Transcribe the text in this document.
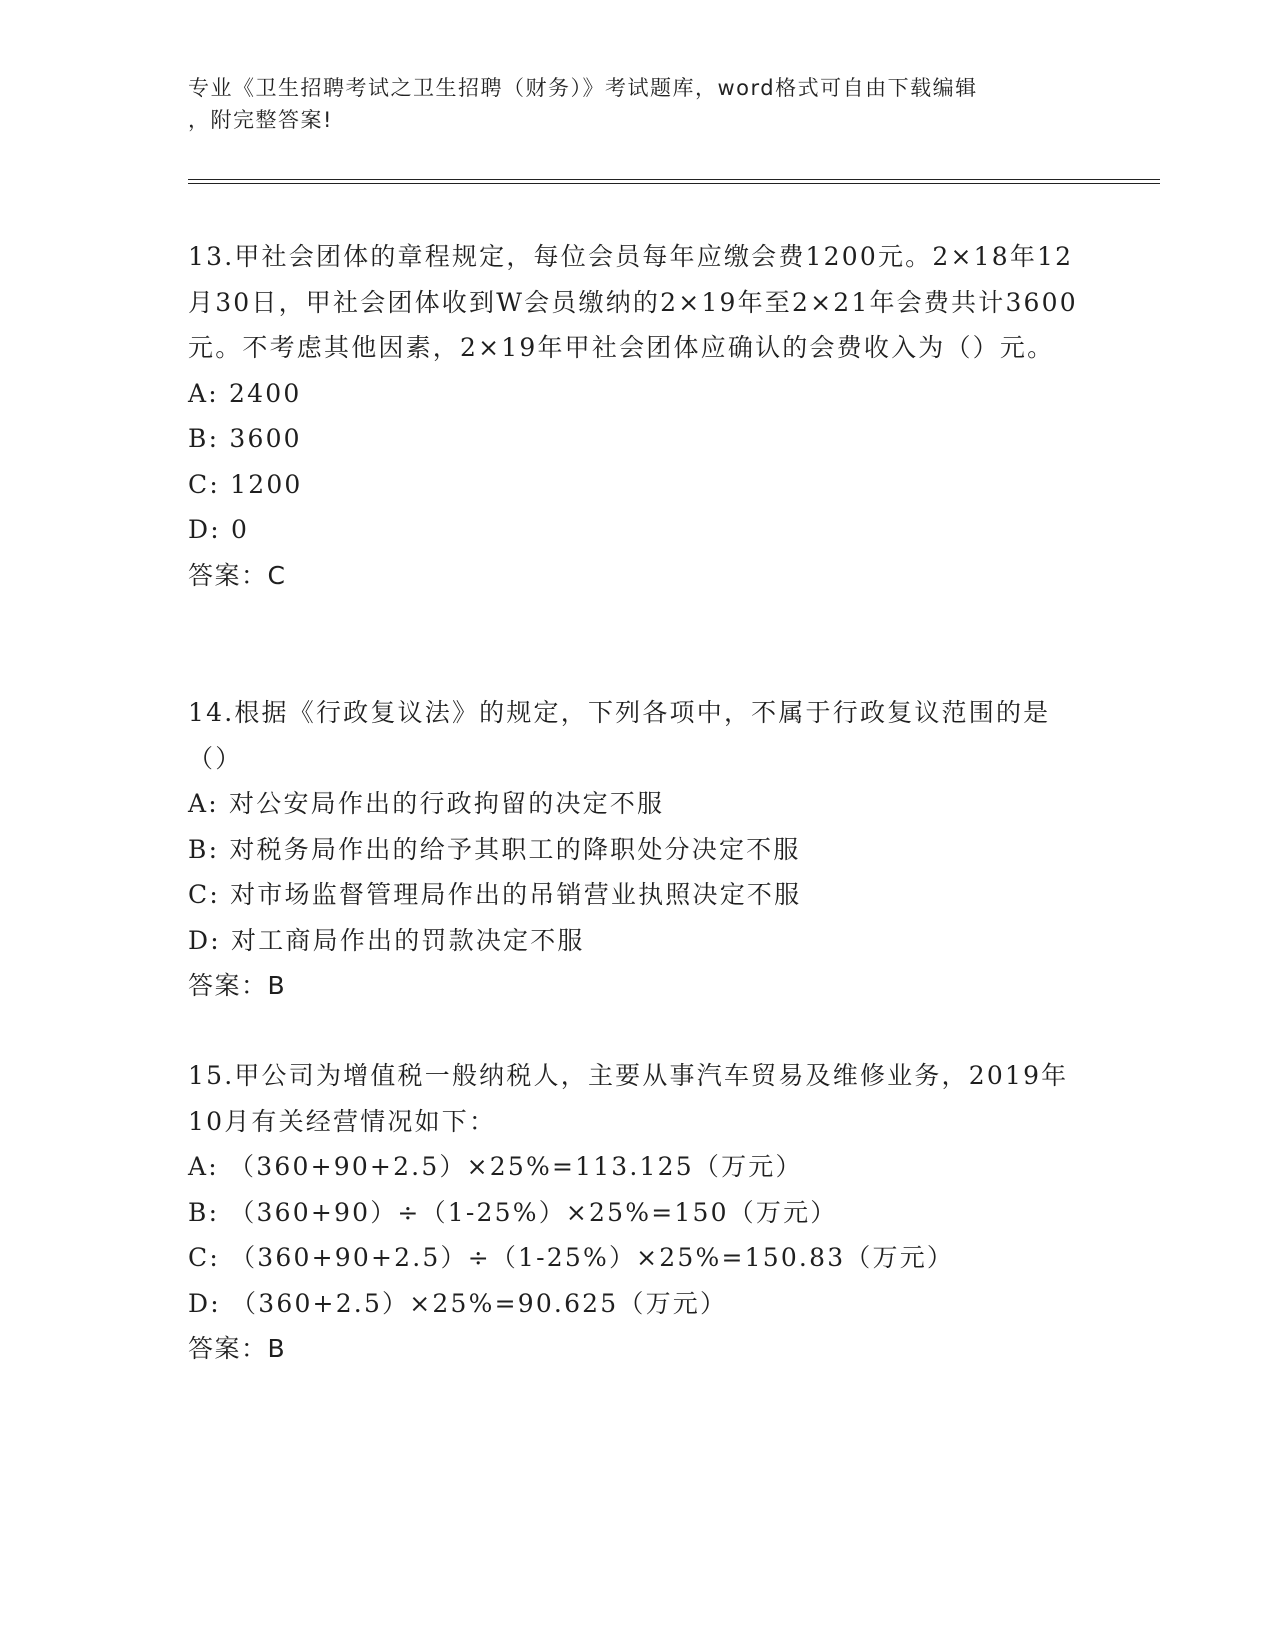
专业《卫生招聘考试之卫生招聘（财务）》考试题库，word格式可自由下载编辑
，附完整答案!

13.甲社会团体的章程规定，每位会员每年应缴会费1200元。2×18年12月30日，甲社会团体收到W会员缴纳的2×19年至2×21年会费共计3600元。不考虑其他因素，2×19年甲社会团体应确认的会费收入为（）元。

A: 2400

B: 3600

C: 1200

D: 0

答案：C

14.根据《行政复议法》的规定，下列各项中，不属于行政复议范围的是（）

A: 对公安局作出的行政拘留的决定不服

B: 对税务局作出的给予其职工的降职处分决定不服

C: 对市场监督管理局作出的吊销营业执照决定不服

D: 对工商局作出的罚款决定不服

答案：B

15.甲公司为增值税一般纳税人，主要从事汽车贸易及维修业务，2019年10月有关经营情况如下：

A: （360+90+2.5）×25%=113.125（万元）

B: （360+90）÷（1-25%）×25%=150（万元）

C: （360+90+2.5）÷（1-25%）×25%=150.83（万元）

D: （360+2.5）×25%=90.625（万元）

答案：B
